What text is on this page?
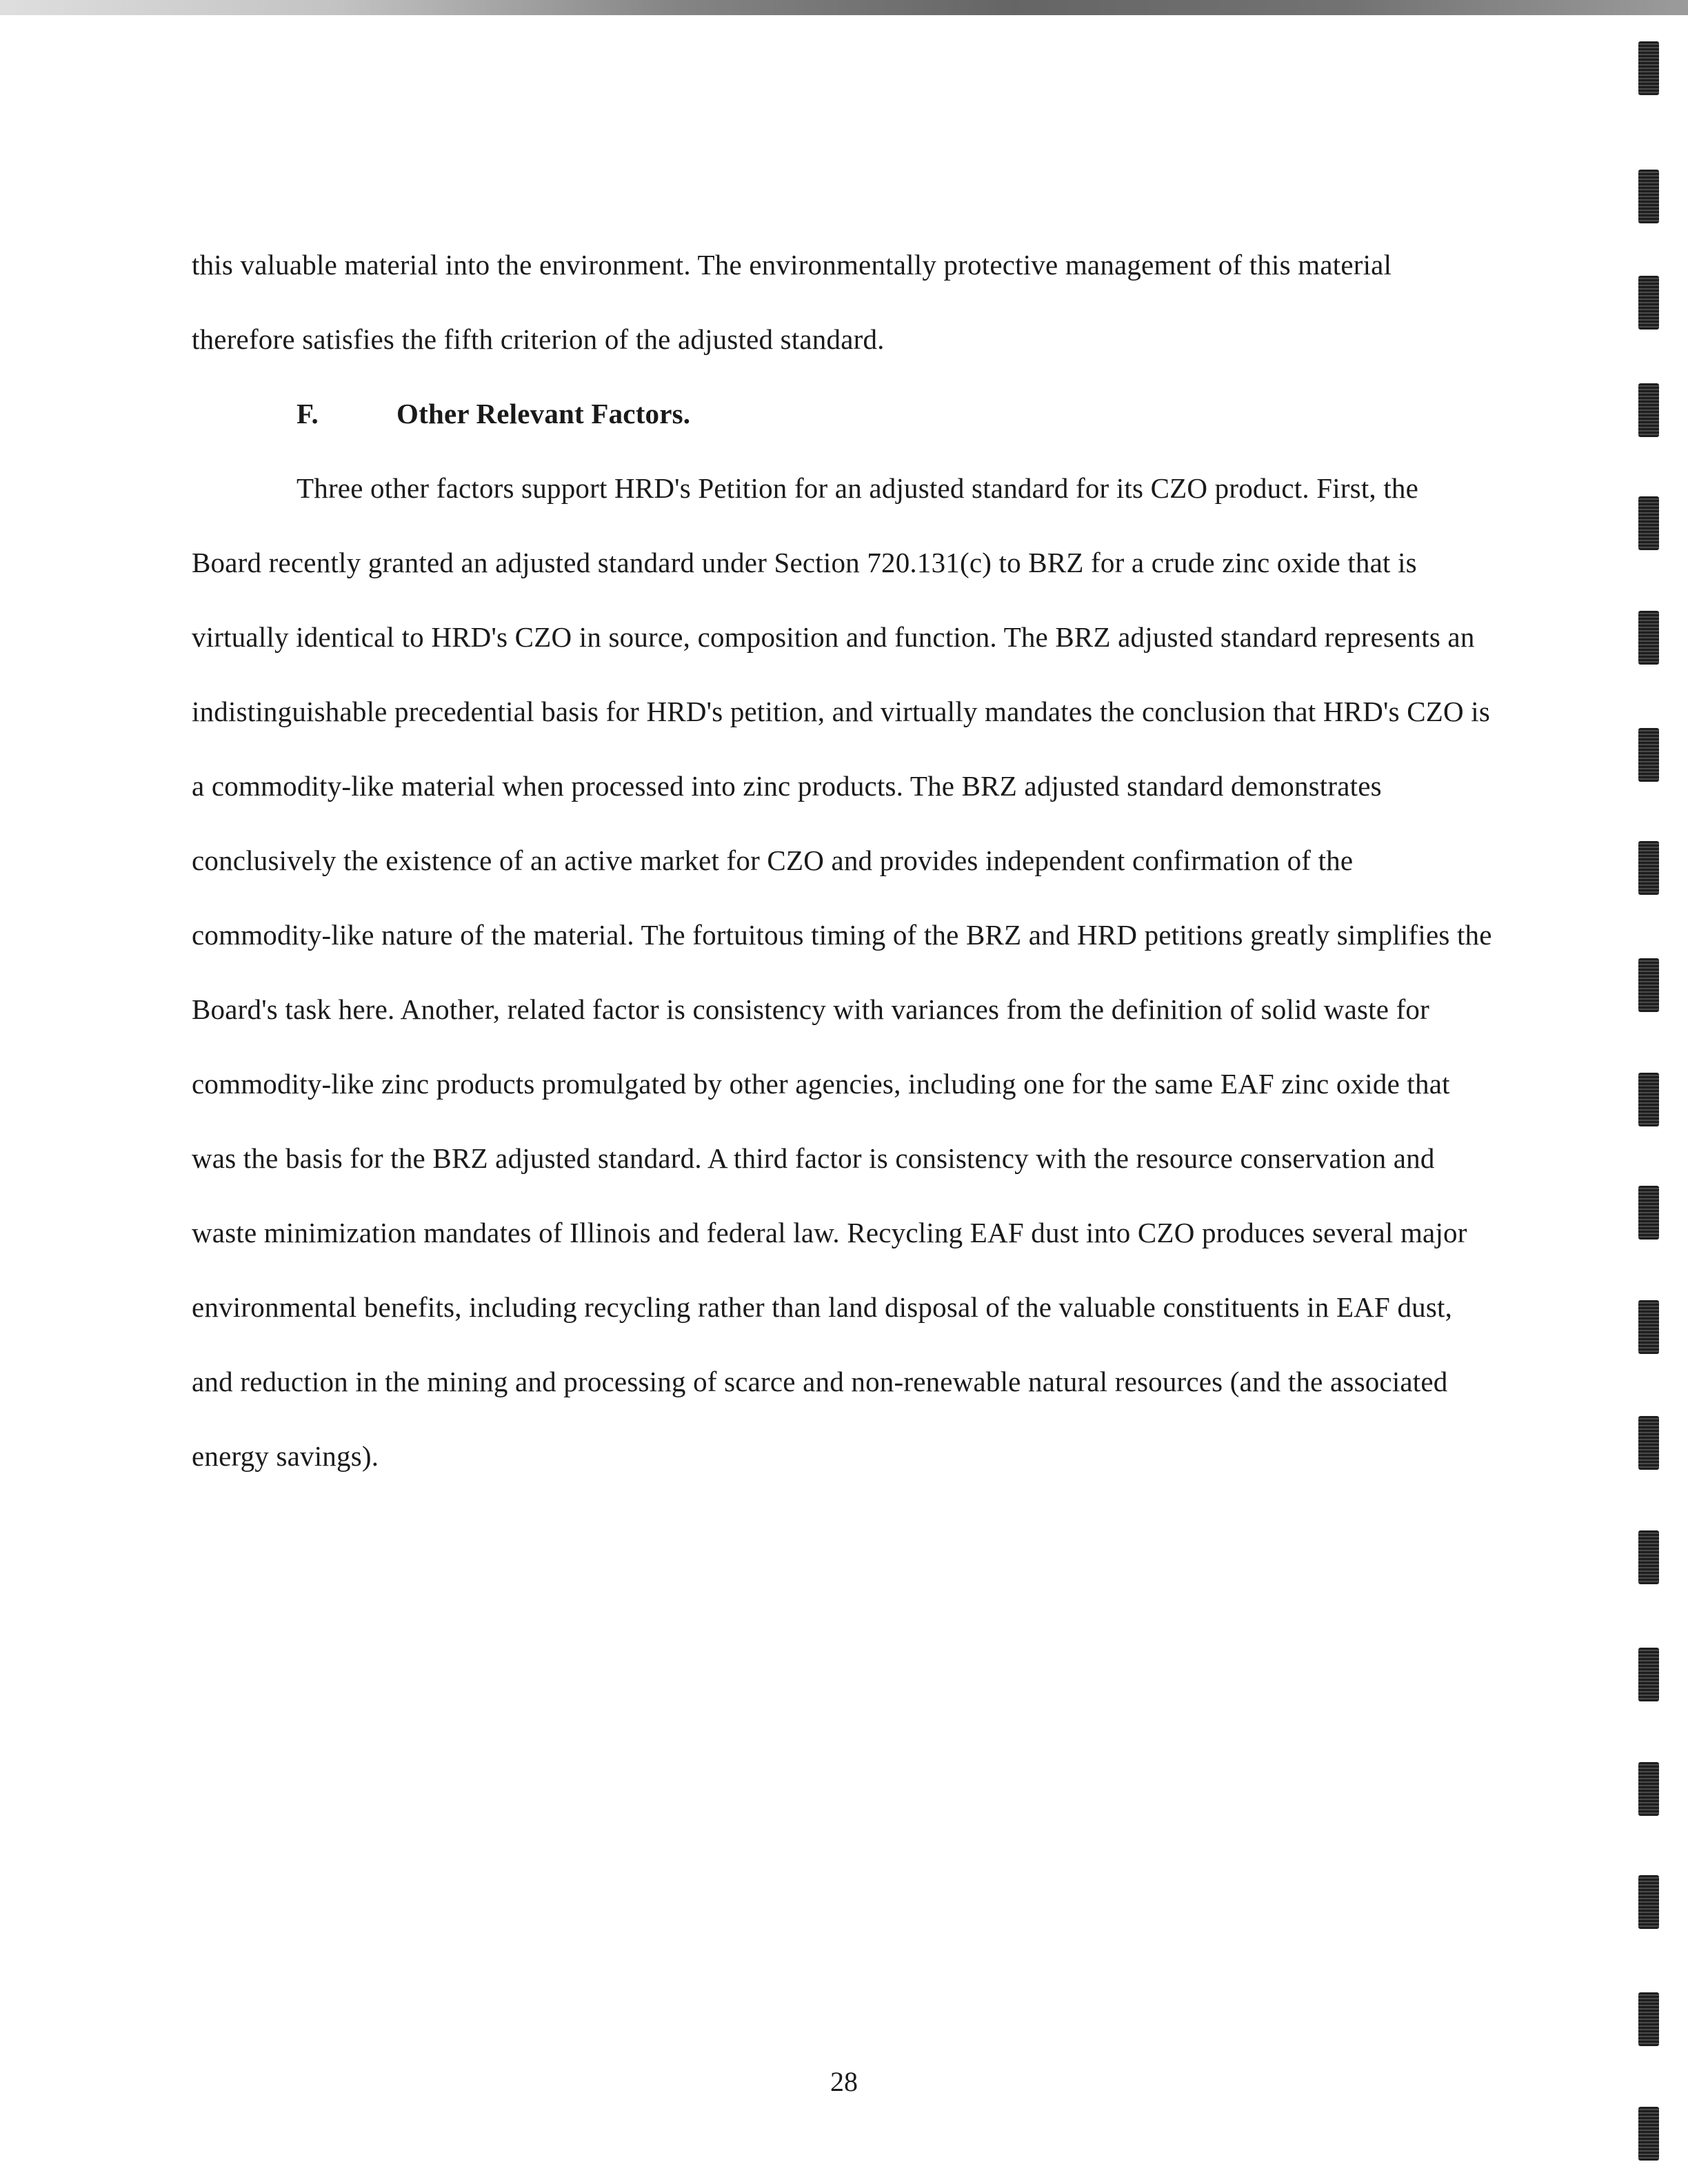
this valuable material into the environment. The environmentally protective management of this material therefore satisfies the fifth criterion of the adjusted standard.

F.	Other Relevant Factors.

Three other factors support HRD's Petition for an adjusted standard for its CZO product. First, the Board recently granted an adjusted standard under Section 720.131(c) to BRZ for a crude zinc oxide that is virtually identical to HRD's CZO in source, composition and function. The BRZ adjusted standard represents an indistinguishable precedential basis for HRD's petition, and virtually mandates the conclusion that HRD's CZO is a commodity-like material when processed into zinc products. The BRZ adjusted standard demonstrates conclusively the existence of an active market for CZO and provides independent confirmation of the commodity-like nature of the material. The fortuitous timing of the BRZ and HRD petitions greatly simplifies the Board's task here. Another, related factor is consistency with variances from the definition of solid waste for commodity-like zinc products promulgated by other agencies, including one for the same EAF zinc oxide that was the basis for the BRZ adjusted standard. A third factor is consistency with the resource conservation and waste minimization mandates of Illinois and federal law. Recycling EAF dust into CZO produces several major environmental benefits, including recycling rather than land disposal of the valuable constituents in EAF dust, and reduction in the mining and processing of scarce and non-renewable natural resources (and the associated energy savings).

28
